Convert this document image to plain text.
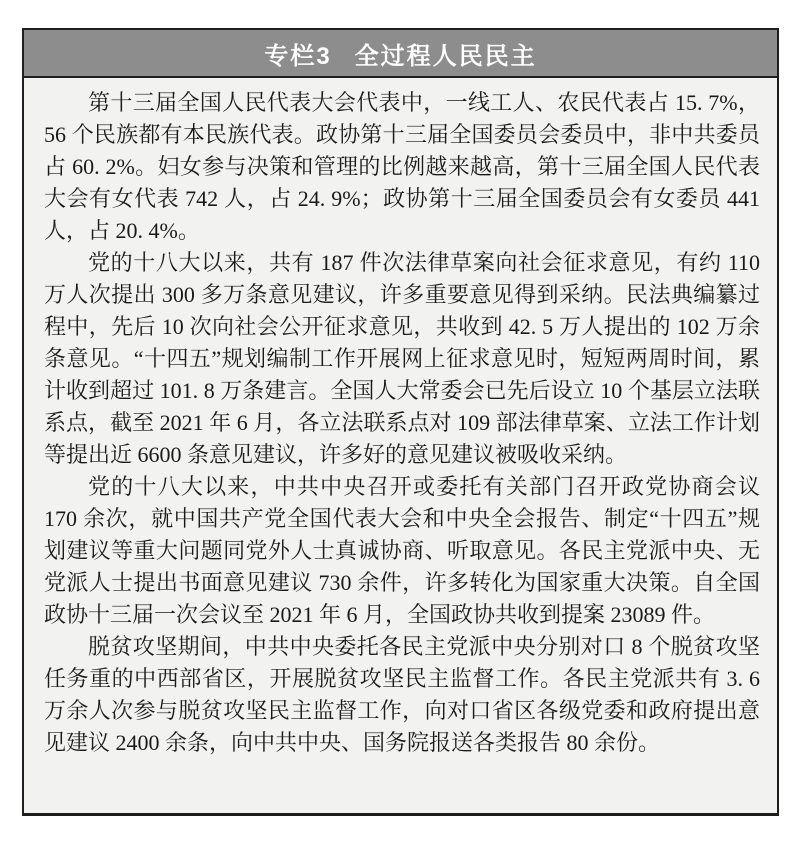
专栏3 全过程人民民主

第十三届全国人民代表大会代表中，一线工人、农民代表占 15. 7%，56 个民族都有本民族代表。政协第十三届全国委员会委员中，非中共委员占 60. 2%。妇女参与决策和管理的比例越来越高，第十三届全国人民代表大会有女代表 742 人，占 24. 9%；政协第十三届全国委员会有女委员 441 人，占 20. 4%。

党的十八大以来，共有 187 件次法律草案向社会征求意见，有约 110 万人次提出 300 多万条意见建议，许多重要意见得到采纳。民法典编纂过程中，先后 10 次向社会公开征求意见，共收到 42. 5 万人提出的 102 万余条意见。“十四五”规划编制工作开展网上征求意见时，短短两周时间，累计收到超过 101. 8 万条建言。全国人大常委会已先后设立 10 个基层立法联系点，截至 2021 年 6 月，各立法联系点对 109 部法律草案、立法工作计划等提出近 6600 条意见建议，许多好的意见建议被吸收采纳。

党的十八大以来，中共中央召开或委托有关部门召开政党协商会议 170 余次，就中国共产党全国代表大会和中央全会报告、制定“十四五”规划建议等重大问题同党外人士真诚协商、听取意见。各民主党派中央、无党派人士提出书面意见建议 730 余件，许多转化为国家重大决策。自全国政协十三届一次会议至 2021 年 6 月，全国政协共收到提案 23089 件。

脱贫攻坚期间，中共中央委托各民主党派中央分别对口 8 个脱贫攻坚任务重的中西部省区，开展脱贫攻坚民主监督工作。各民主党派共有 3. 6 万余人次参与脱贫攻坚民主监督工作，向对口省区各级党委和政府提出意见建议 2400 余条，向中共中央、国务院报送各类报告 80 余份。
